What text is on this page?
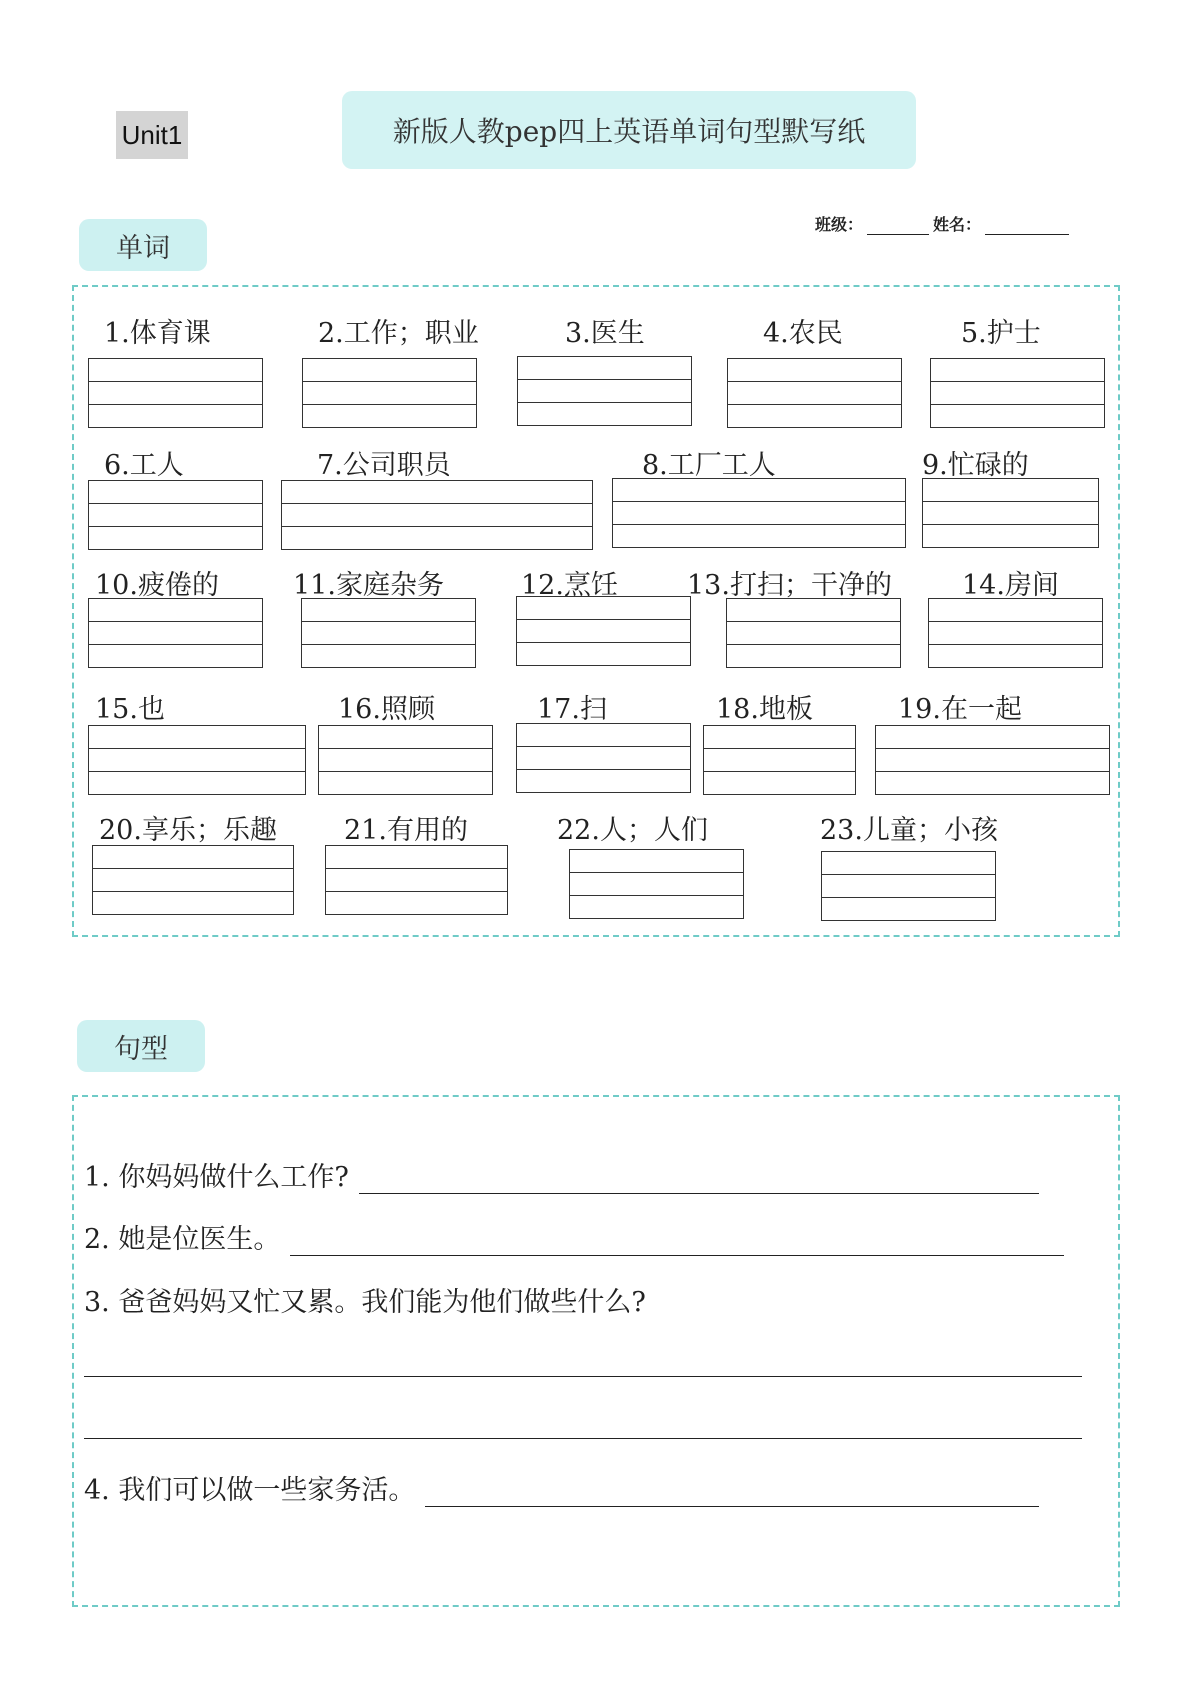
Unit1	新版人教pep四上英语单词句型默写纸
班级：	姓名：
单词
1.体育课	2.工作；职业	3.医生	4.农民	5.护士
6.工人	7.公司职员	8.工厂工人	9.忙碌的
10.疲倦的	11.家庭杂务	12.烹饪	13.打扫；干净的	14.房间
15.也	16.照顾	17.扫	18.地板	19.在一起
20.享乐；乐趣 21.有用的	22.人；人们	23.儿童；小孩
句型
1. 你妈妈做什么工作?
2. 她是位医生。
3. 爸爸妈妈又忙又累。我们能为他们做些什么?
4. 我们可以做一些家务活。
